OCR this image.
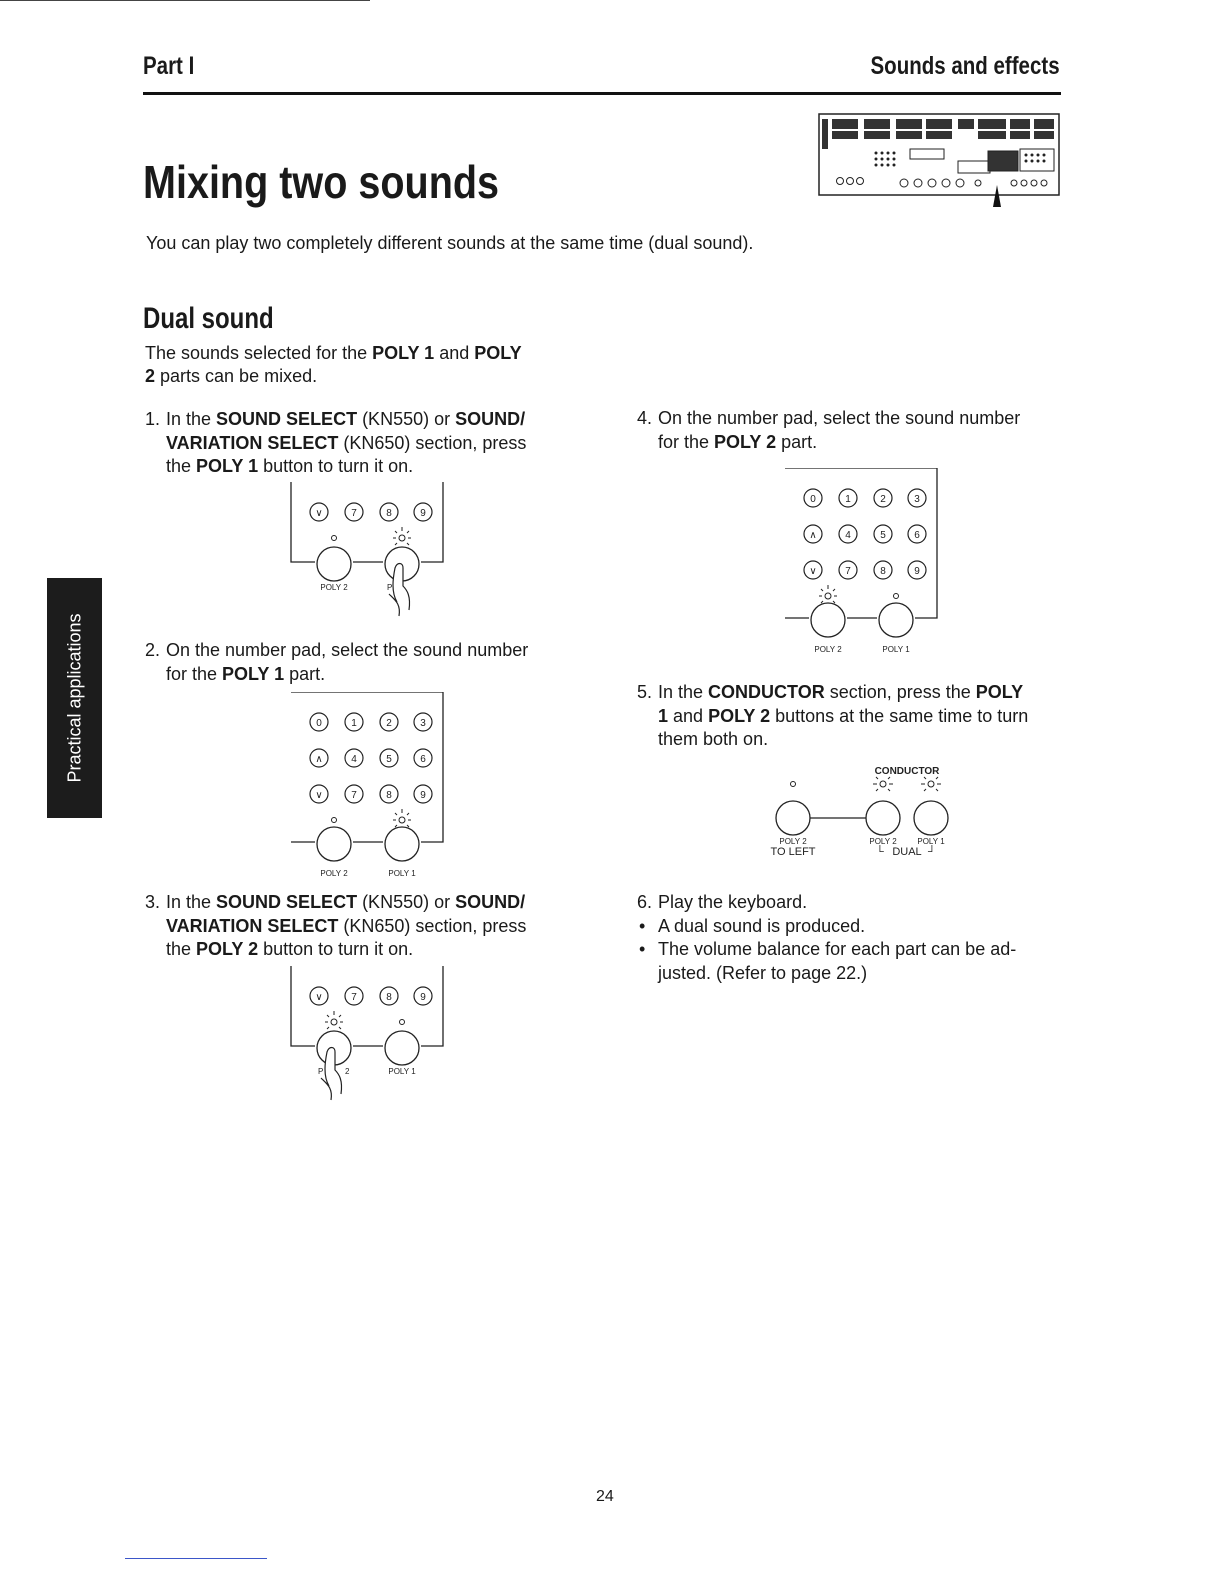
Part I	Sounds and effects
Mixing two sounds
You can play two completely different sounds at the same time (dual sound).
Dual sound
The sounds selected for the POLY 1 and POLY
2 parts can be mixed.
1. In the SOUND SELECT (KN550) or SOUND/
VARIATION SELECT (KN650) section, press
the POLY 1 button to turn it on.
∨	7	8	9
POLY 2	P
2. On the number pad, select the sound number
for the POLY 1 part.
0	1	2	3
∧	4	5	6
∨	7	8	9
POLY 2	POLY 1
3. In the SOUND SELECT (KN550) or SOUND/
VARIATION SELECT (KN650) section, press
the POLY 2 button to turn it on.
∨	7	8	9
P	2	POLY 1
4. On the number pad, select the sound number
for the POLY 2 part.
0	1	2	3
∧	4	5	6
∨	7	8	9
POLY 2	POLY 1
5. In the CONDUCTOR section, press the POLY
1 and POLY 2 buttons at the same time to turn
them both on.
CONDUCTOR
POLY 2
TO LEFT
POLY 2	POLY 1
└ DUAL ┘
6. Play the keyboard.
• A dual sound is produced.
• The volume balance for each part can be ad-
justed. (Refer to page 22.)
Practical applications
24
